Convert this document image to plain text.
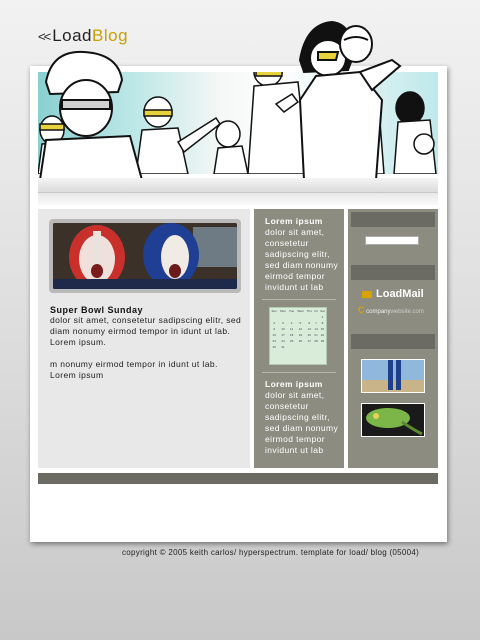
<< LoadBlog
Super Bowl Sunday
dolor sit amet, consetetur sadipscing elitr, sed diam nonumy eirmod tempor in idunt ut lab. Lorem ipsum.
m nonumy eirmod tempor in idunt ut lab. Lorem ipsum
Lorem ipsum
dolor sit amet, consetetur sadipscing elitr, sed diam nonumy eirmod tempor invidunt ut lab
Sun	Mon	Tue	Wed	Thu	Fri	Sat
						1
2	3	4	5	6	7	8
9	10	11	12	13	14	15
16	17	18	19	20	21	22
23	24	25	26	27	28	29
30	31					
Lorem ipsum
dolor sit amet, consetetur sadipscing elitr, sed diam nonumy eirmod tempor invidunt ut lab
LoadMail
C companywebsite.com
copyright © 2005 keith carlos/ hyperspectrum. template for load/ blog (05004)
